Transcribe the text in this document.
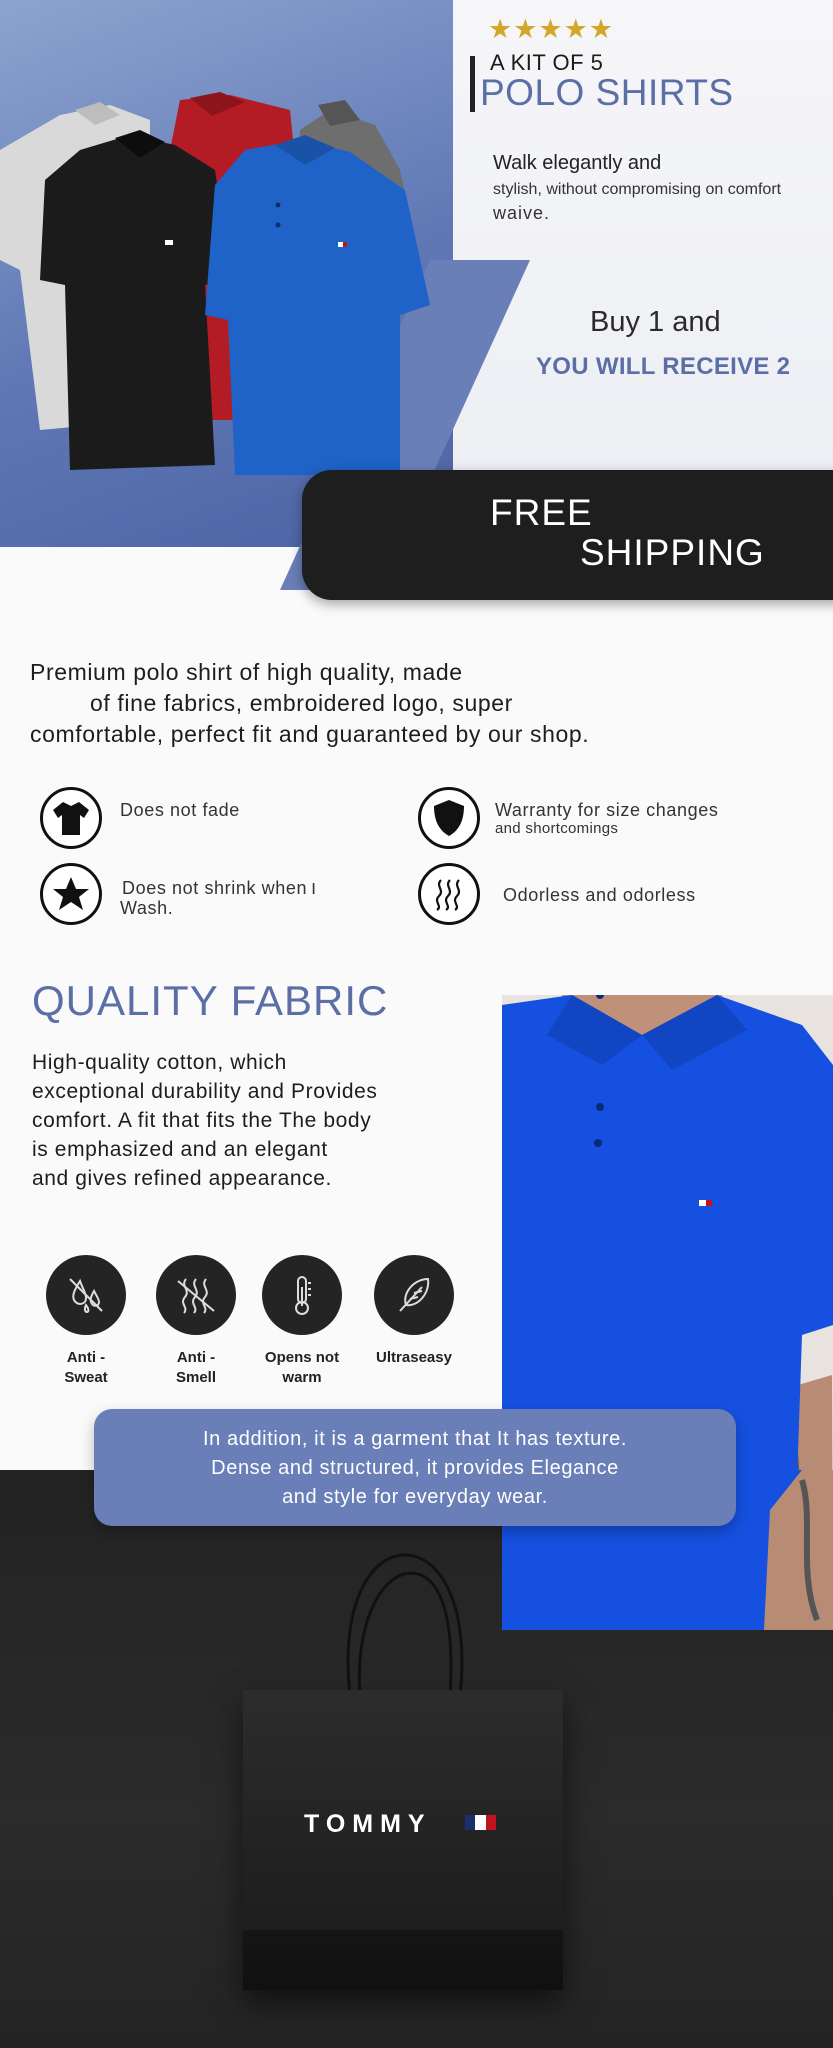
★★★★★
A KIT OF 5
POLO SHIRTS
Walk elegantly and
stylish, without compromising on comfort
waive.
Buy 1 and
YOU WILL RECEIVE 2
FREE
SHIPPING
Premium polo shirt of high quality, made
of fine fabrics, embroidered logo, super
comfortable, perfect fit and guaranteed by our shop.
Does not fade	Warranty for size changes
and shortcomings
Does not shrink when ו
Wash.
Odorless and odorless
QUALITY FABRIC
High-quality cotton, which
exceptional durability and Provides
comfort. A fit that fits the The body
is emphasized and an elegant
and gives refined appearance.
Anti -
Sweat
Anti -
Smell
Opens not
warm
Ultraseasy
In addition, it is a garment that It has texture.
Dense and structured, it provides Elegance
and style for everyday wear.
TOMMY
